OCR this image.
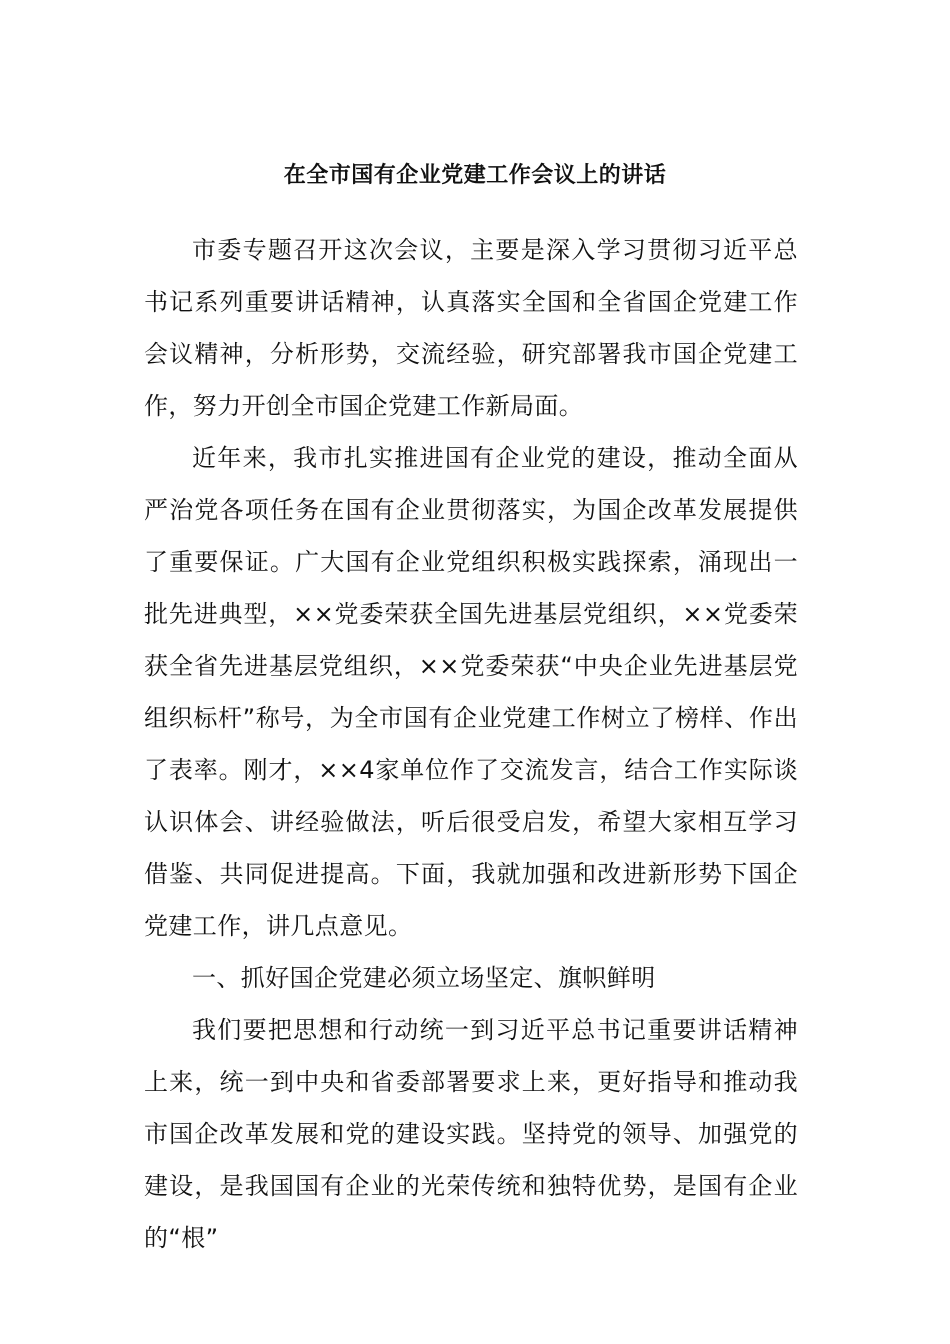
在全市国有企业党建工作会议上的讲话

市委专题召开这次会议，主要是深入学习贯彻习近平总书记系列重要讲话精神，认真落实全国和全省国企党建工作会议精神，分析形势，交流经验，研究部署我市国企党建工作，努力开创全市国企党建工作新局面。

近年来，我市扎实推进国有企业党的建设，推动全面从严治党各项任务在国有企业贯彻落实，为国企改革发展提供了重要保证。广大国有企业党组织积极实践探索，涌现出一批先进典型，××党委荣获全国先进基层党组织，××党委荣获全省先进基层党组织，××党委荣获“中央企业先进基层党组织标杆”称号，为全市国有企业党建工作树立了榜样、作出了表率。刚才，××4家单位作了交流发言，结合工作实际谈认识体会、讲经验做法，听后很受启发，希望大家相互学习借鉴、共同促进提高。下面，我就加强和改进新形势下国企党建工作，讲几点意见。

一、抓好国企党建必须立场坚定、旗帜鲜明

我们要把思想和行动统一到习近平总书记重要讲话精神上来，统一到中央和省委部署要求上来，更好指导和推动我市国企改革发展和党的建设实践。坚持党的领导、加强党的建设，是我国国有企业的光荣传统和独特优势，是国有企业的“根”
